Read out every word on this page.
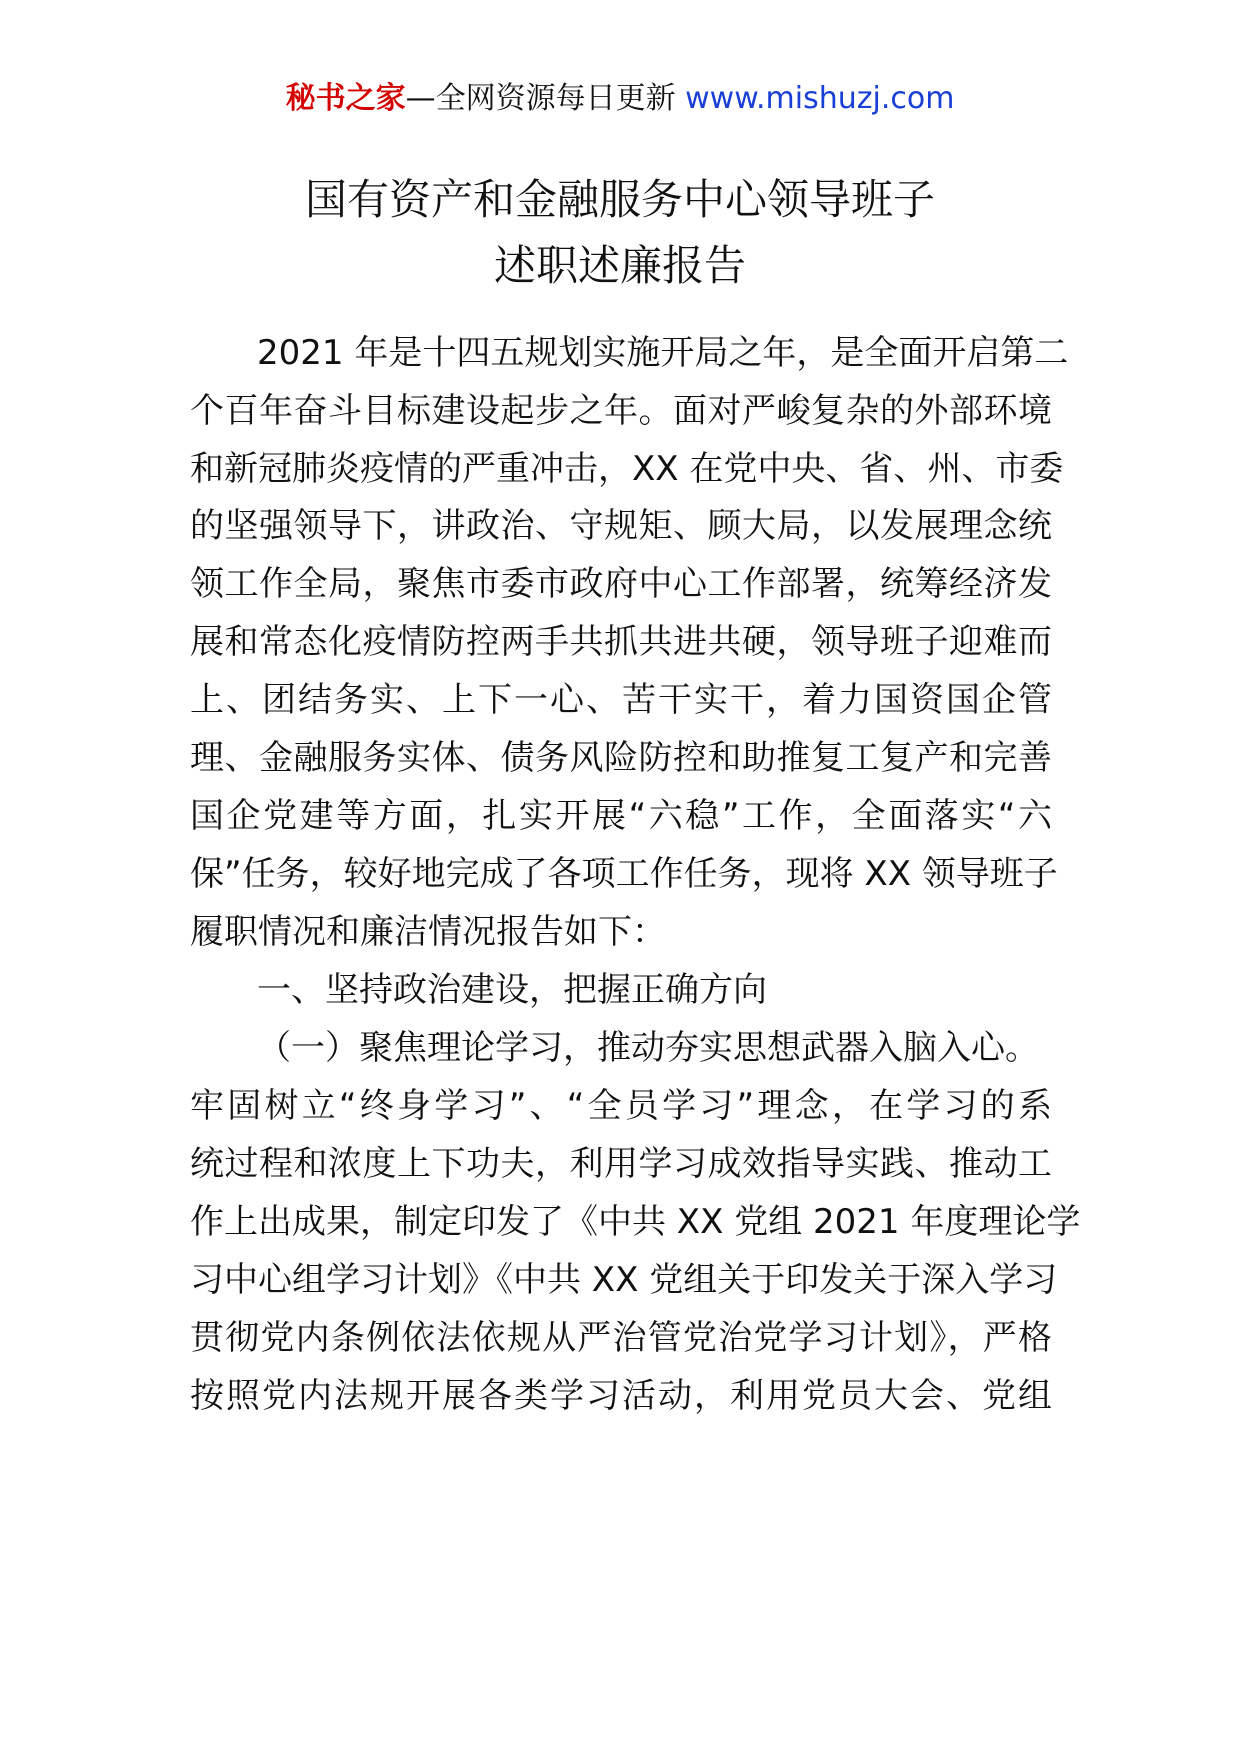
秘书之家—全网资源每日更新 www.mishuzj.com
国有资产和金融服务中心领导班子
述职述廉报告
2021 年是十四五规划实施开局之年，是全面开启第二
个百年奋斗目标建设起步之年。面对严峻复杂的外部环境
和新冠肺炎疫情的严重冲击，XX 在党中央、省、州、市委
的坚强领导下，讲政治、守规矩、顾大局，以发展理念统
领工作全局，聚焦市委市政府中心工作部署，统筹经济发
展和常态化疫情防控两手共抓共进共硬，领导班子迎难而
上、团结务实、上下一心、苦干实干，着力国资国企管
理、金融服务实体、债务风险防控和助推复工复产和完善
国企党建等方面，扎实开展“六稳”工作，全面落实“六
保”任务，较好地完成了各项工作任务，现将 XX 领导班子
履职情况和廉洁情况报告如下：
一、坚持政治建设，把握正确方向
（一）聚焦理论学习，推动夯实思想武器入脑入心。
牢固树立“终身学习”、“全员学习”理念，在学习的系
统过程和浓度上下功夫，利用学习成效指导实践、推动工
作上出成果，制定印发了《中共 XX 党组 2021 年度理论学
习中心组学习计划》《中共 XX 党组关于印发关于深入学习
贯彻党内条例依法依规从严治管党治党学习计划》，严格
按照党内法规开展各类学习活动，利用党员大会、党组
